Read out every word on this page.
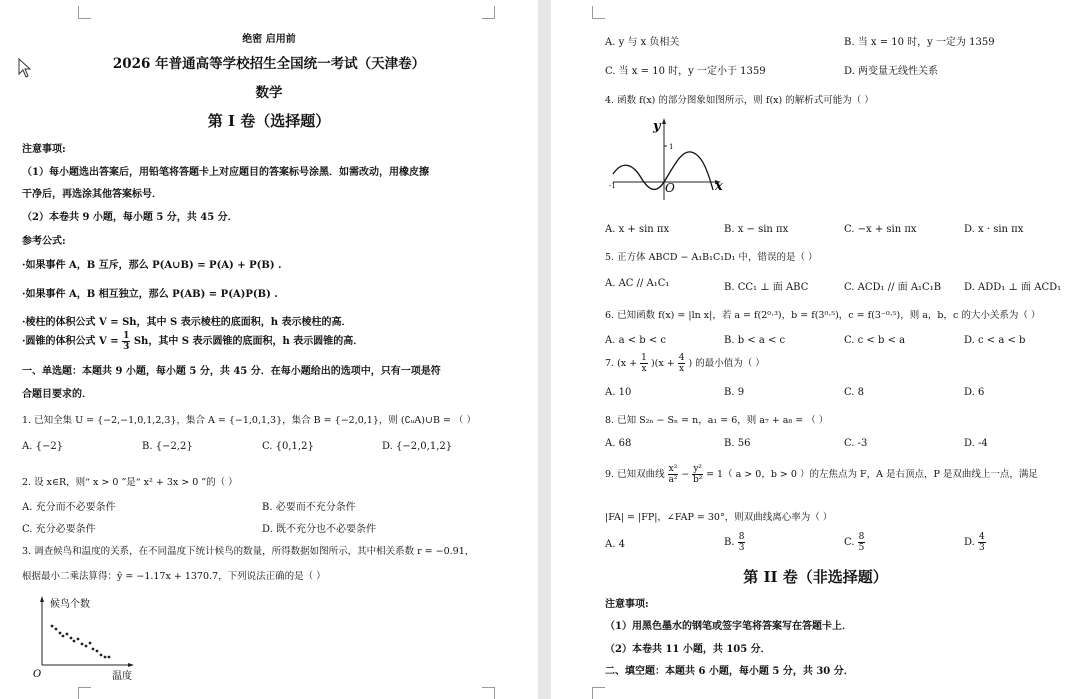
绝密 启用前
2026 年普通高等学校招生全国统一考试（天津卷）
数学
第 I 卷（选择题）
注意事项:
（1）每小题选出答案后，用铅笔将答题卡上对应题目的答案标号涂黑．如需改动，用橡皮擦
干净后，再选涂其他答案标号．
（2）本卷共 9 小题，每小题 5 分，共 45 分．
参考公式:
·如果事件 A，B 互斥，那么 P(A∪B) = P(A) + P(B) .
·如果事件 A，B 相互独立，那么 P(AB) = P(A)P(B) .
·棱柱的体积公式 V = Sh，其中 S 表示棱柱的底面积，h 表示棱柱的高．
·圆锥的体积公式 $V = \frac{1}{3}$ Sh，其中 S 表示圆锥的底面积，h 表示圆锥的高．
一、单选题：本题共 9 小题，每小题 5 分，共 45 分．在每小题给出的选项中，只有一项是符
合题目要求的．
1. 已知全集 U = {−2,−1,0,1,2,3}，集合 A = {−1,0,1,3}，集合 B = {−2,0,1}，则 (∁ᵤA)∪B = （ ）
A. {−2}	B. {−2,2}	C. {0,1,2}	D. {−2,0,1,2}
2. 设 x∈R，则“ x > 0 ”是“ x² + 3x > 0 ”的（ ）
A. 充分而不必要条件	B. 必要而不充分条件
C. 充分必要条件	D. 既不充分也不必要条件
3. 调查候鸟和温度的关系，在不同温度下统计候鸟的数量，所得数据如图所示，其中相关系数 r = −0.91，
根据最小二乘法算得：ŷ = −1.17x + 1370.7，下列说法正确的是（ ）
候鸟个数
温度
O
A. y 与 x 负相关	B. 当 x = 10 时，y 一定为 1359
C. 当 x = 10 时，y 一定小于 1359	D. 两变量无线性关系
4. 函数 f(x) 的部分图象如图所示，则 f(x) 的解析式可能为（ ）
y
x
O
1
-1
A. x + sin πx	B. x − sin πx	C. −x + sin πx	D. x · sin πx
5. 正方体 ABCD − A₁B₁C₁D₁ 中，错误的是（ ）
A. AC // A₁C₁	B. CC₁ ⊥ 面 ABC	C. ACD₁ // 面 A₁C₁B D. ADD₁ ⊥ 面 ACD₁
6. 已知函数 f(x) = |ln x|，若 a = f(2⁰·³)，b = f(3⁰·⁵)，c = f(3⁻⁰·⁵)，则 a，b，c 的大小关系为（ ）
A. a < b < c	B. b < a < c	C. c < b < a	D. c < a < b
7. $(x + \frac{1}{x} )(x + \frac{4}{x}$ ) 的最小值为（ ）
A. 10	B. 9	C. 8	D. 6
8. 已知 S₂ₙ − Sₙ = n，a₁ = 6，则 a₇ + a₈ = （ ）
A. 68	B. 56	C. -3	D. -4
9. 已知双曲线 $\frac{\text{x²}}{\text{a²}} - \frac{\text{y²}}{\text{b²}} = 1$（ a > 0，b > 0 ）的左焦点为 F，A 是右顶点，P 是双曲线上一点，满足
|FA| = |FP|，∠FAP = 30°，则双曲线离心率为（ ）
A. 4	B. $\frac{8}{3}$	C. $\frac{8}{5}$	D. $\frac{4}{3}$
第 II 卷（非选择题）
注意事项:
（1）用黑色墨水的钢笔或签字笔将答案写在答题卡上．
（2）本卷共 11 小题，共 105 分．
二、填空题：本题共 6 小题，每小题 5 分，共 30 分．
